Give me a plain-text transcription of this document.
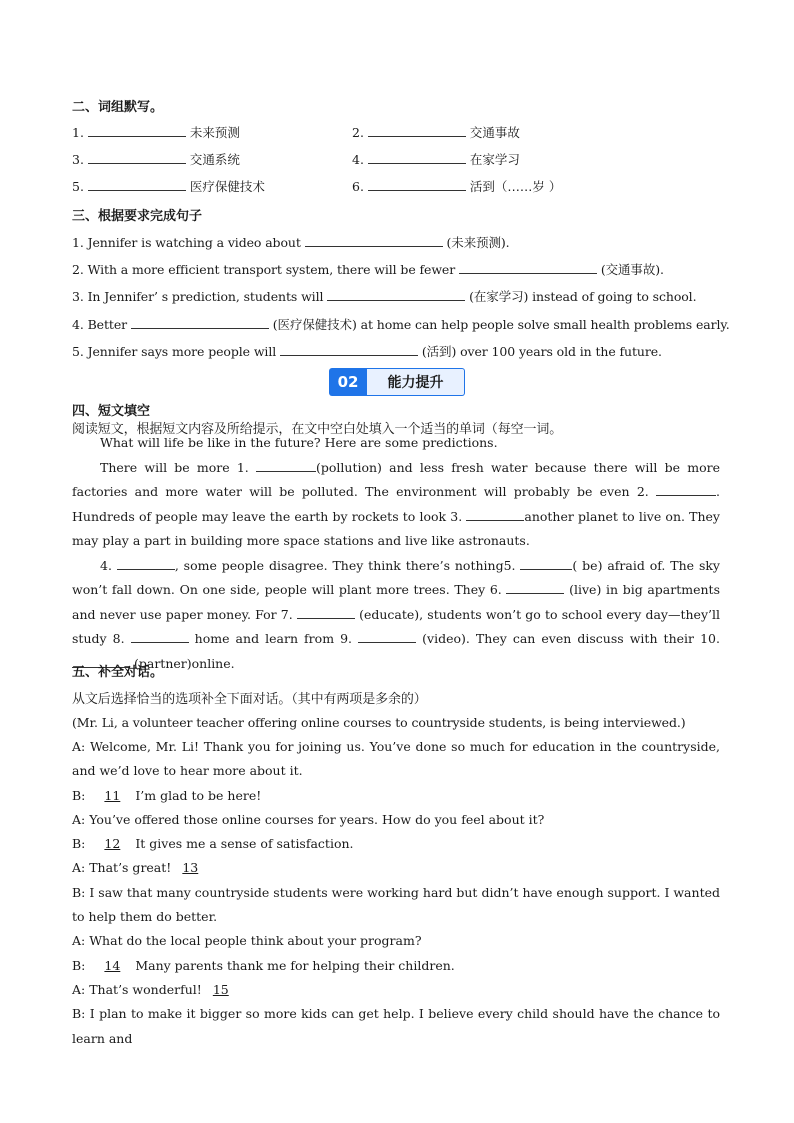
二、词组默写。
1.	未来预测	2.	交通事故
3.	交通系统	4.	在家学习
5.	医疗保健技术	6.	活到（……岁 ）
三、根据要求完成句子
1. Jennifer is watching a video about	(未来预测).
2. With a more efficient transport system, there will be fewer	(交通事故).
3. In Jennifer’ s prediction, students will	(在家学习) instead of going to school.
4. Better	(医疗保健技术) at home can help people solve small health problems early.
5. Jennifer says more people will	(活到) over 100 years old in the future.
02	能力提升
四、短文填空
阅读短文，根据短文内容及所给提示，在文中空白处填入一个适当的单词（每空一词。
What will life be like in the future? Here are some predictions.
There will be more 1.	(pollution) and less fresh water because there will be more factories and more water will be polluted. The environment will probably be even 2.	. Hundreds of people may leave the earth by rockets to look 3.	another planet to live on. They may play a part in building more space stations and live like astronauts.
4.	, some people disagree. They think there’s nothing5.	( be) afraid of. The sky won’t fall down. On one side, people will plant more trees. They 6.	(live) in big apartments and never use paper money. For 7.	(educate), students won’t go to school every day—they’ll study 8.	home and learn from 9.	(video). They can even discuss with their 10.  (partner)online.
五、补全对话。
从文后选择恰当的选项补全下面对话。（其中有两项是多余的）
(Mr. Li, a volunteer teacher offering online courses to countryside students, is being interviewed.)
A: Welcome, Mr. Li! Thank you for joining us. You’ve done so much for education in the countryside, and we’d love to hear more about it.
B: 11 I’m glad to be here!
A: You’ve offered those online courses for years. How do you feel about it?
B: 12 It gives me a sense of satisfaction.
A: That’s great! 13
B: I saw that many countryside students were working hard but didn’t have enough support. I wanted to help them do better.
A: What do the local people think about your program?
B: 14 Many parents thank me for helping their children.
A: That’s wonderful! 15
B: I plan to make it bigger so more kids can get help. I believe every child should have the chance to learn and
